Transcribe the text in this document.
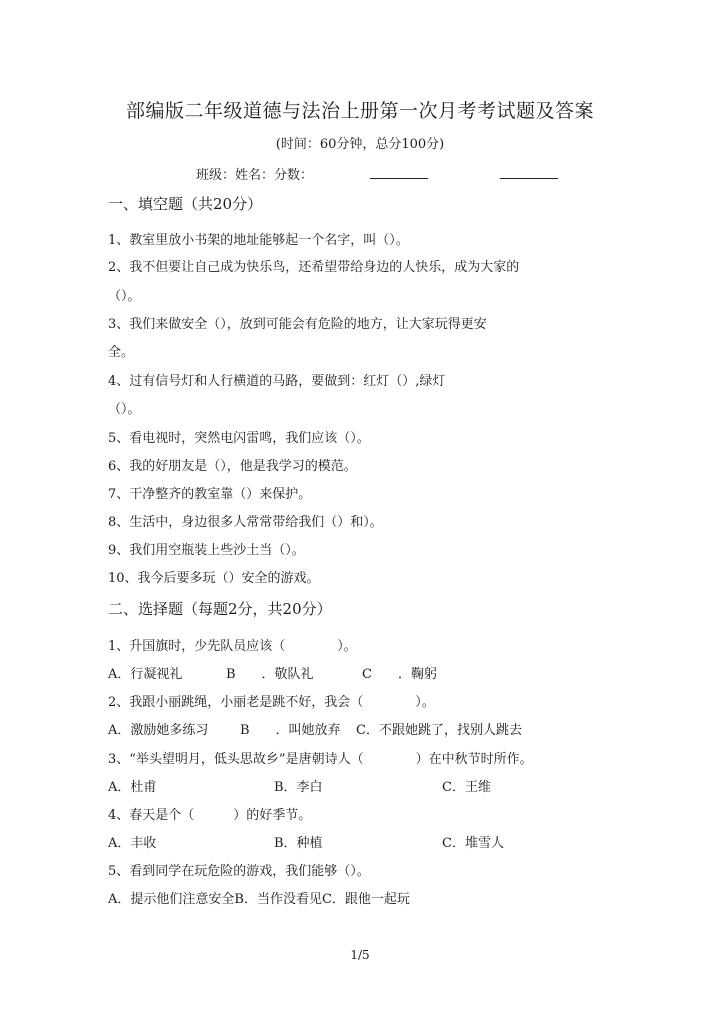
部编版二年级道德与法治上册第一次月考考试题及答案
(时间：60分钟，总分100分)
班级：姓名：分数：
一、填空题（共20分）
1、教室里放小书架的地址能够起一个名字，叫（）。
2、我不但要让自己成为快乐鸟，还希望带给身边的人快乐，成为大家的
（）。
3、我们来做安全（），放到可能会有危险的地方，让大家玩得更安
全。
4、过有信号灯和人行横道的马路，要做到：红灯（）,绿灯
（）。
5、看电视时，突然电闪雷鸣，我们应该（）。
6、我的好朋友是（），他是我学习的模范。
7、干净整齐的教室靠（）来保护。
8、生活中，身边很多人常常带给我们（）和）。
9、我们用空瓶装上些沙土当（）。
10、我今后要多玩（）安全的游戏。
二、选择题（每题2分，共20分）
1、升国旗时，少先队员应该（　　　　）。
A．行凝视礼	B　　．敬队礼	C　　．鞠躬
2、我跟小丽跳绳，小丽老是跳不好，我会（　　　　）。
A．激励她多练习 B　　．叫她放弃 C．不跟她跳了，找别人跳去
3、“举头望明月，低头思故乡”是唐朝诗人（　　　　）在中秋节时所作。
A．杜甫	B．李白	C．王维
4、春天是个（　　　）的好季节。
A．丰收	B．种植	C．堆雪人
5、看到同学在玩危险的游戏，我们能够（）。
A．提示他们注意安全B．当作没看见C．跟他一起玩
1/5
